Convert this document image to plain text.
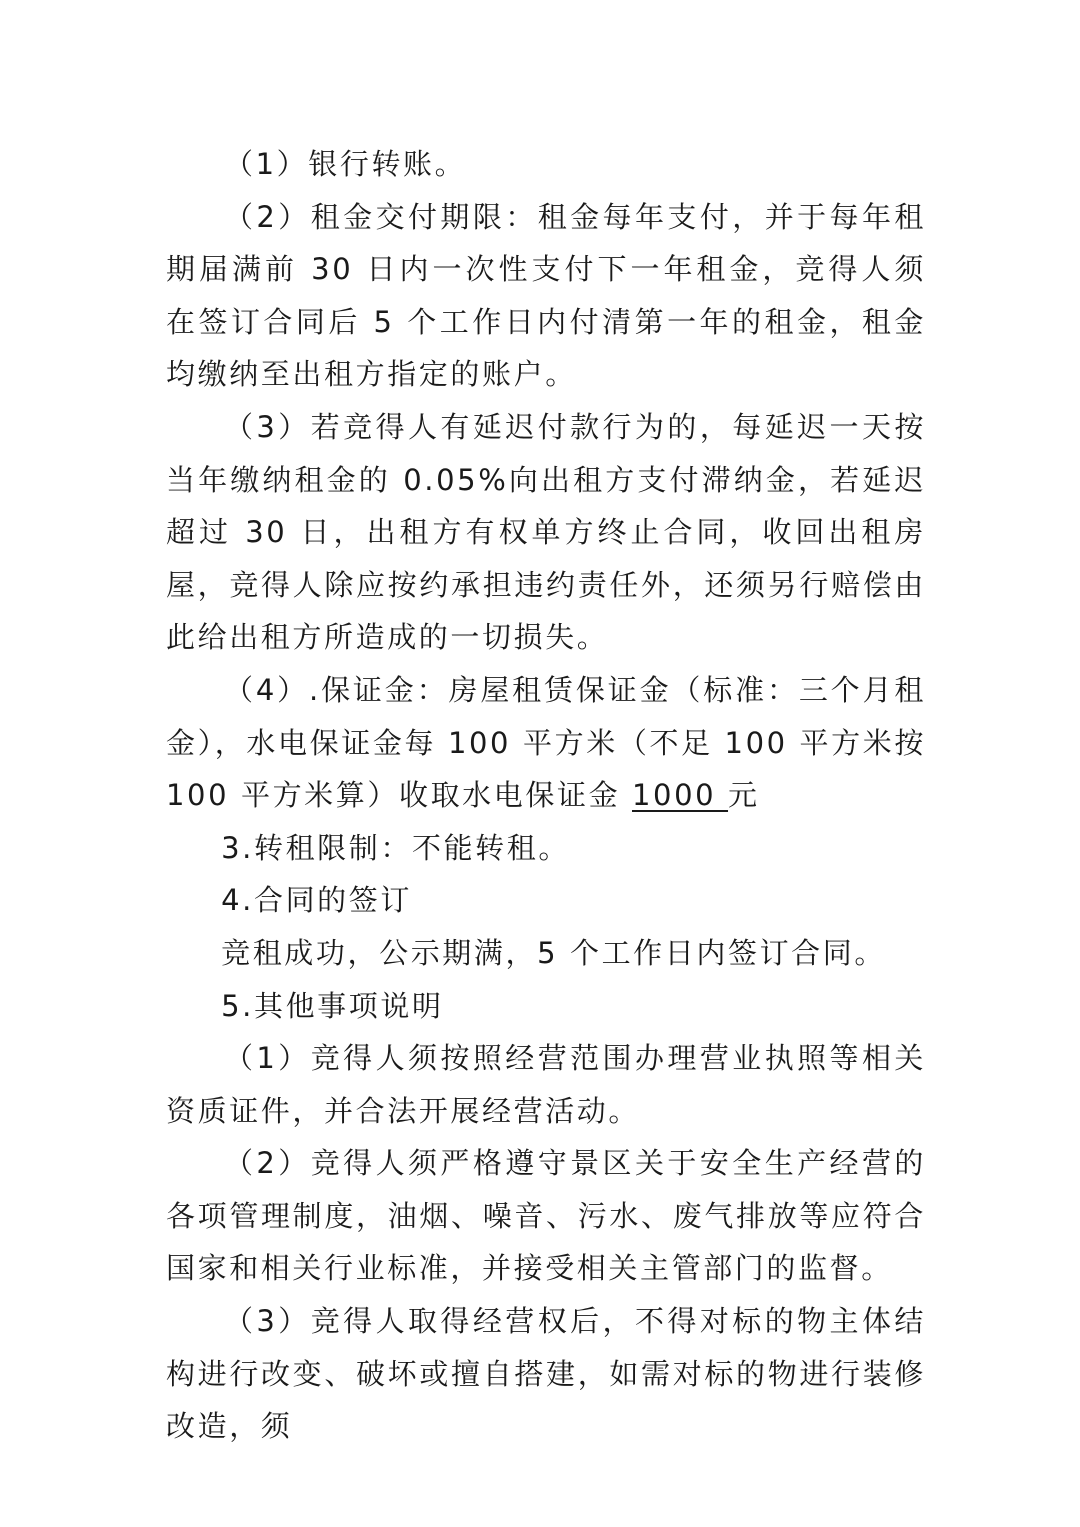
（1）银行转账。

（2）租金交付期限：租金每年支付，并于每年租期届满前 30 日内一次性支付下一年租金，竞得人须在签订合同后 5 个工作日内付清第一年的租金，租金均缴纳至出租方指定的账户。

（3）若竞得人有延迟付款行为的，每延迟一天按当年缴纳租金的 0.05%向出租方支付滞纳金，若延迟超过 30 日，出租方有权单方终止合同，收回出租房屋，竞得人除应按约承担违约责任外，还须另行赔偿由此给出租方所造成的一切损失。

（4）.保证金：房屋租赁保证金（标准：三个月租金），水电保证金每 100 平方米（不足 100 平方米按 100 平方米算）收取水电保证金 1000 元

3.转租限制：不能转租。

4.合同的签订

竞租成功，公示期满，5 个工作日内签订合同。

5.其他事项说明

（1）竞得人须按照经营范围办理营业执照等相关资质证件，并合法开展经营活动。

（2）竞得人须严格遵守景区关于安全生产经营的各项管理制度，油烟、噪音、污水、废气排放等应符合国家和相关行业标准，并接受相关主管部门的监督。

（3）竞得人取得经营权后，不得对标的物主体结构进行改变、破坏或擅自搭建，如需对标的物进行装修改造，须
